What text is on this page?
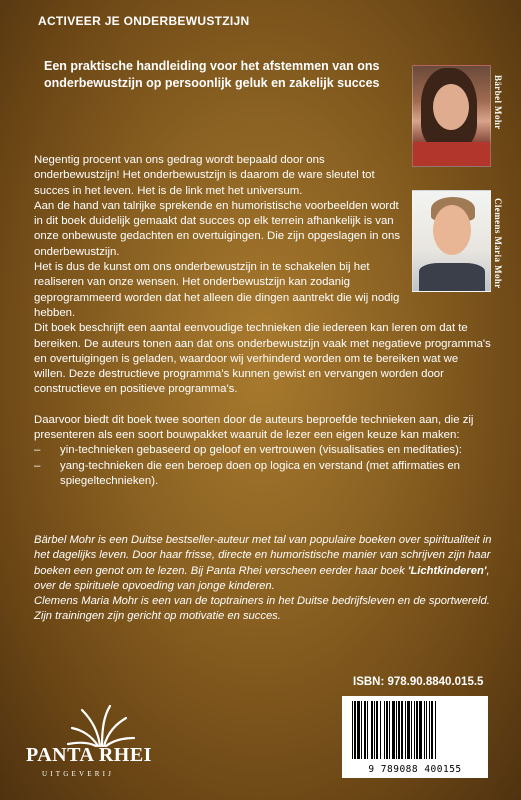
ACTIVEER JE ONDERBEWUSTZIJN
Een praktische handleiding voor het afstemmen van ons onderbewustzijn op persoonlijk geluk en zakelijk succes	Bärbel Mohr
Clemens Maria Mohr

Negentig procent van ons gedrag wordt bepaald door ons onderbewustzijn! Het onderbewustzijn is daarom de ware sleutel tot succes in het leven. Het is de link met het universum.

Aan de hand van talrijke sprekende en humoristische voorbeelden wordt in dit boek duidelijk gemaakt dat succes op elk terrein afhankelijk is van onze onbewuste gedachten en overtuigingen. Die zijn opgeslagen in ons onderbewustzijn.

Het is dus de kunst om ons onderbewustzijn in te schakelen bij het realiseren van onze wensen. Het onderbewustzijn kan zodanig geprogrammeerd worden dat het alleen die dingen aantrekt die wij nodig hebben.

Dit boek beschrijft een aantal eenvoudige technieken die iedereen kan leren om dat te bereiken. De auteurs tonen aan dat ons onderbewustzijn vaak met negatieve programma's en overtuigingen is geladen, waardoor wij verhinderd worden om te bereiken wat we willen. Deze destructieve programma's kunnen gewist en vervangen worden door constructieve en positieve programma's.

Daarvoor biedt dit boek twee soorten door de auteurs beproefde technieken aan, die zij presenteren als een soort bouwpakket waaruit de lezer een eigen keuze kan maken:

– yin-technieken gebaseerd op geloof en vertrouwen (visualisaties en meditaties):
– yang-technieken die een beroep doen op logica en verstand (met affirmaties en spiegeltechnieken).

Bärbel Mohr is een Duitse bestseller-auteur met tal van populaire boeken over spiritualiteit in het dagelijks leven. Door haar frisse, directe en humoristische manier van schrijven zijn haar boeken een genot om te lezen. Bij Panta Rhei verscheen eerder haar boek 'Lichtkinderen', over de spirituele opvoeding van jonge kinderen.

Clemens Maria Mohr is een van de toptrainers in het Duitse bedrijfsleven en de sportwereld. Zijn trainingen zijn gericht op motivatie en succes.

ISBN: 978.90.8840.015.5
9 789088 400155
PANTA RHEI
UITGEVERIJ
